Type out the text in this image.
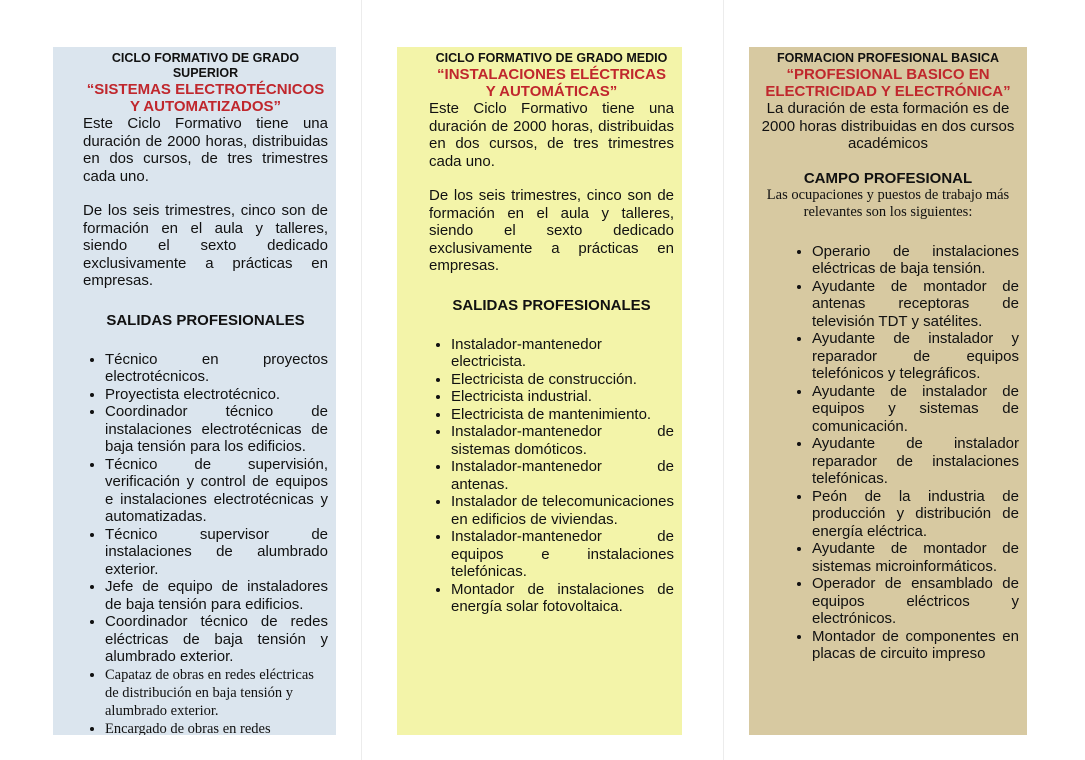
CICLO FORMATIVO DE GRADO SUPERIOR
“SISTEMAS ELECTROTÉCNICOS
Y AUTOMATIZADOS”

Este Ciclo Formativo tiene una duración de 2000 horas, distribuidas en dos cursos, de tres trimestres cada uno.

De los seis trimestres, cinco son de formación en el aula y talleres, siendo el sexto dedicado exclusivamente a prácticas en empresas.

SALIDAS PROFESIONALES

• Técnico en proyectos electrotécnicos.
• Proyectista electrotécnico.
• Coordinador técnico de instalaciones electrotécnicas de baja tensión para los edificios.
• Técnico de supervisión, verificación y control de equipos e instalaciones electrotécnicas y automatizadas.
• Técnico supervisor de instalaciones de alumbrado exterior.
• Jefe de equipo de instaladores de baja tensión para edificios.
• Coordinador técnico de redes eléctricas de baja tensión y alumbrado exterior.
• Capataz de obras en redes eléctricas de distribución en baja tensión y alumbrado exterior.
• Encargado de obras en redes
CICLO FORMATIVO DE GRADO MEDIO
“INSTALACIONES ELÉCTRICAS
Y AUTOMÁTICAS”

Este Ciclo Formativo tiene una duración de 2000 horas, distribuidas en dos cursos, de tres trimestres cada uno.

De los seis trimestres, cinco son de formación en el aula y talleres, siendo el sexto dedicado exclusivamente a prácticas en empresas.

SALIDAS PROFESIONALES

• Instalador-mantenedor electricista.
• Electricista de construcción.
• Electricista industrial.
• Electricista de mantenimiento.
• Instalador-mantenedor de sistemas domóticos.
• Instalador-mantenedor de antenas.
• Instalador de telecomunicaciones en edificios de viviendas.
• Instalador-mantenedor de equipos e instalaciones telefónicas.
• Montador de instalaciones de energía solar fotovoltaica.
FORMACION PROFESIONAL BASICA
“PROFESIONAL BASICO EN
ELECTRICIDAD Y ELECTRÓNICA”

La duración de esta formación es de 2000 horas distribuidas en dos cursos académicos

CAMPO PROFESIONAL

Las ocupaciones y puestos de trabajo más relevantes son los siguientes:

• Operario de instalaciones eléctricas de baja tensión.
• Ayudante de montador de antenas receptoras de televisión TDT y satélites.
• Ayudante de instalador y reparador de equipos telefónicos y telegráficos.
• Ayudante de instalador de equipos y sistemas de comunicación.
• Ayudante de instalador reparador de instalaciones telefónicas.
• Peón de la industria de producción y distribución de energía eléctrica.
• Ayudante de montador de sistemas microinformáticos.
• Operador de ensamblado de equipos eléctricos y electrónicos.
• Montador de componentes en placas de circuito impreso
